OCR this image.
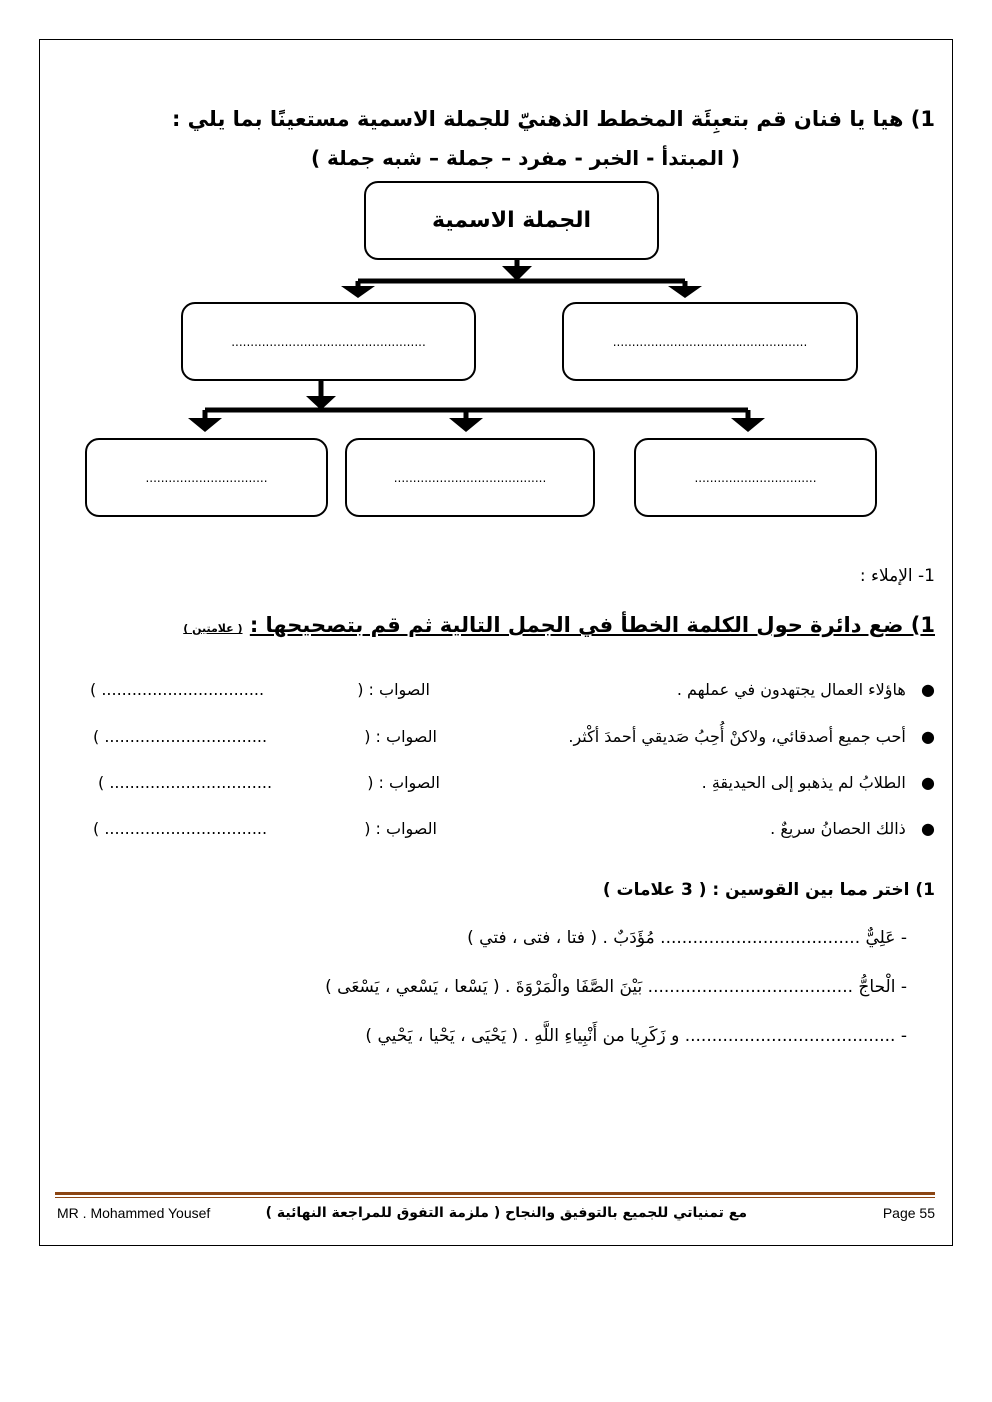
1) هيا يا فنان قم بتعبِئَة المخطط الذهنيّ للجملة الاسمية مستعينًا بما يلي :
( المبتدأ - الخبر - مفرد – جملة – شبه جملة )
الجملة الاسمية
...................................................
...................................................
................................
........................................
................................
1- الإملاء :
1) ضع دائرة حول الكلمة الخطأ في الجمل التالية ثم قم بتصحيحها : ( علامتين )
●   هاؤلاء العمال يجتهدون في عملهم .
الصواب : (
................................ )
●   أحب جميع أصدقائي، ولاكنْ أُحِبُ صَديقي أحمدَ أكْثر.
الصواب : (
................................ )
●   الطلابُ لم يذهبو إلى الحيديقةِ .
الصواب : (
................................ )
●   ذالك الحصانُ سريعٌ .
الصواب : (
................................ )
1) اختر مما بين القوسين : ( 3 علامات )
- عَلِيٌّ ..................................... مُؤَدَبٌ . ( فتا ، فتى ، فتي )
- الْحاجُّ ...................................... بَيْنَ الصَّفَا والْمَرْوَةَ . ( يَسْعا ، يَسْعي ، يَسْعَى )
- ....................................... و زَكَرِيا من أَنْبِياءِ اللَّهِ . ( يَحْيَى ، يَحْيا ، يَحْيي )
MR . Mohammed Yousef	مع تمنياتي للجميع بالتوفيق والنجاح ( ملزمة التفوق للمراجعة النهائية )	Page 55
